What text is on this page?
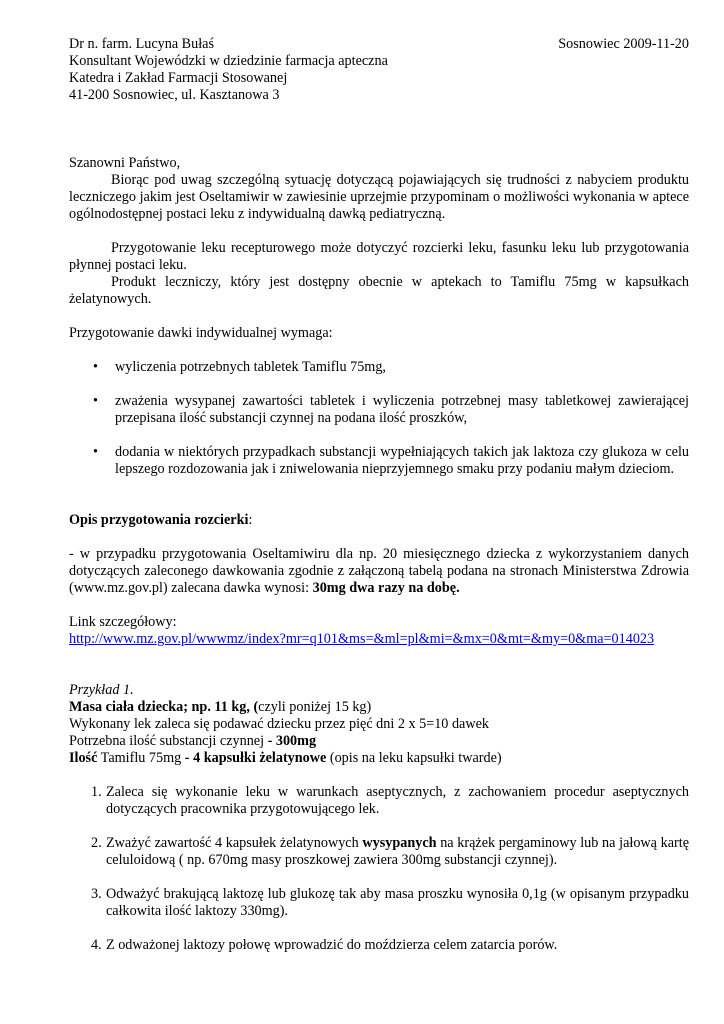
Sosnowiec 2009-11-20

Dr n. farm. Lucyna Bułaś

Konsultant Wojewódzki w dziedzinie farmacja apteczna

Katedra i Zakład Farmacji Stosowanej

41-200 Sosnowiec, ul. Kasztanowa 3

Szanowni Państwo,

Biorąc pod uwag szczególną sytuację dotyczącą pojawiających się trudności z nabyciem produktu leczniczego jakim jest Oseltamiwir w zawiesinie uprzejmie przypominam o możliwości wykonania w aptece ogólnodostępnej postaci leku z indywidualną dawką pediatryczną.

Przygotowanie leku recepturowego może dotyczyć rozcierki leku, fasunku leku lub przygotowania płynnej postaci leku.

Produkt leczniczy, który jest dostępny obecnie w aptekach to Tamiflu 75mg w kapsułkach żelatynowych.

Przygotowanie dawki indywidualnej wymaga:

•	wyliczenia potrzebnych tabletek Tamiflu 75mg,
•	zważenia wysypanej zawartości tabletek i wyliczenia potrzebnej masy tabletkowej zawierającej przepisana ilość substancji czynnej na podana ilość proszków,
•	dodania w niektórych przypadkach substancji wypełniających takich jak laktoza czy glukoza w celu lepszego rozdozowania jak i zniwelowania nieprzyjemnego smaku przy podaniu małym dzieciom.

Opis przygotowania rozcierki:

- w przypadku przygotowania Oseltamiwiru dla np. 20 miesięcznego dziecka z wykorzystaniem danych dotyczących zaleconego dawkowania zgodnie z załączoną tabelą podana na stronach Ministerstwa Zdrowia (www.mz.gov.pl) zalecana dawka wynosi: 30mg dwa razy na dobę.

Link szczegółowy:

http://www.mz.gov.pl/wwwmz/index?mr=q101&ms=&ml=pl&mi=&mx=0&mt=&my=0&ma=014023

Przykład 1.

Masa ciała dziecka; np. 11 kg, (czyli poniżej 15 kg)

Wykonany lek zaleca się podawać dziecku przez pięć dni 2 x 5=10 dawek

Potrzebna ilość substancji czynnej - 300mg

Ilość Tamiflu 75mg - 4 kapsułki żelatynowe (opis na leku kapsułki twarde)

1. Zaleca się wykonanie leku w warunkach aseptycznych, z zachowaniem procedur aseptycznych dotyczących pracownika przygotowującego lek.
2. Zważyć zawartość 4 kapsułek żelatynowych wysypanych na krążek pergaminowy lub na jałową kartę celuloidową ( np. 670mg masy proszkowej zawiera 300mg substancji czynnej).
3. Odważyć brakującą laktozę lub glukozę tak aby masa proszku wynosiła 0,1g (w opisanym przypadku całkowita ilość laktozy 330mg).
4. Z odważonej laktozy połowę wprowadzić do moździerza celem zatarcia porów.
